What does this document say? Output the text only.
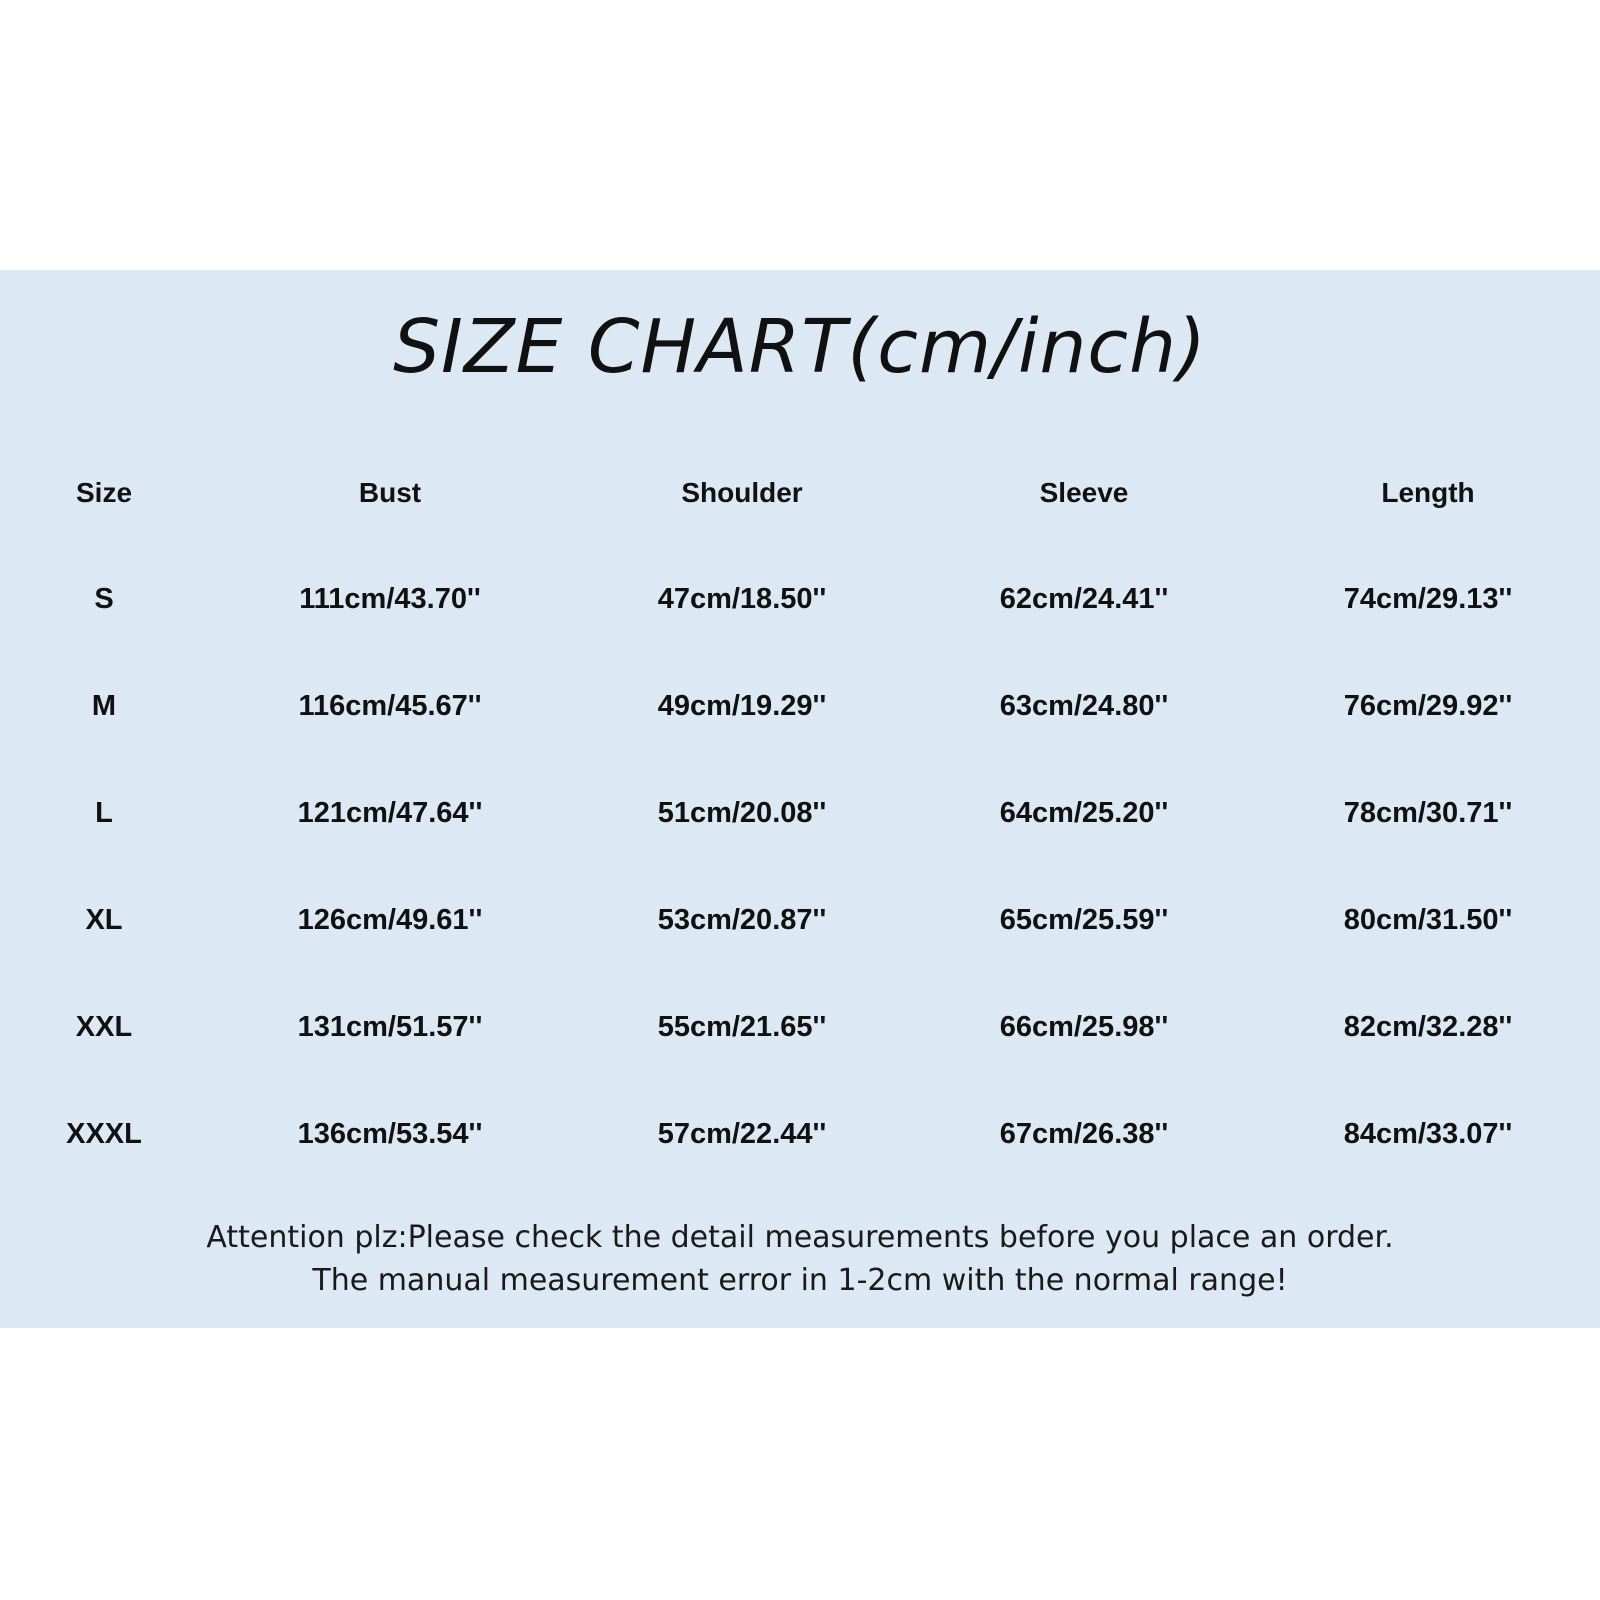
SIZE CHART(cm/inch)
Size	Bust	Shoulder	Sleeve	Length
S	111cm/43.70''	47cm/18.50''	62cm/24.41''	74cm/29.13''
M	116cm/45.67''	49cm/19.29''	63cm/24.80''	76cm/29.92''
L	121cm/47.64''	51cm/20.08''	64cm/25.20''	78cm/30.71''
XL	126cm/49.61''	53cm/20.87''	65cm/25.59''	80cm/31.50''
XXL	131cm/51.57''	55cm/21.65''	66cm/25.98''	82cm/32.28''
XXXL	136cm/53.54''	57cm/22.44''	67cm/26.38''	84cm/33.07''
Attention plz:Please check the detail measurements before you place an order.
The manual measurement error in 1-2cm with the normal range!
